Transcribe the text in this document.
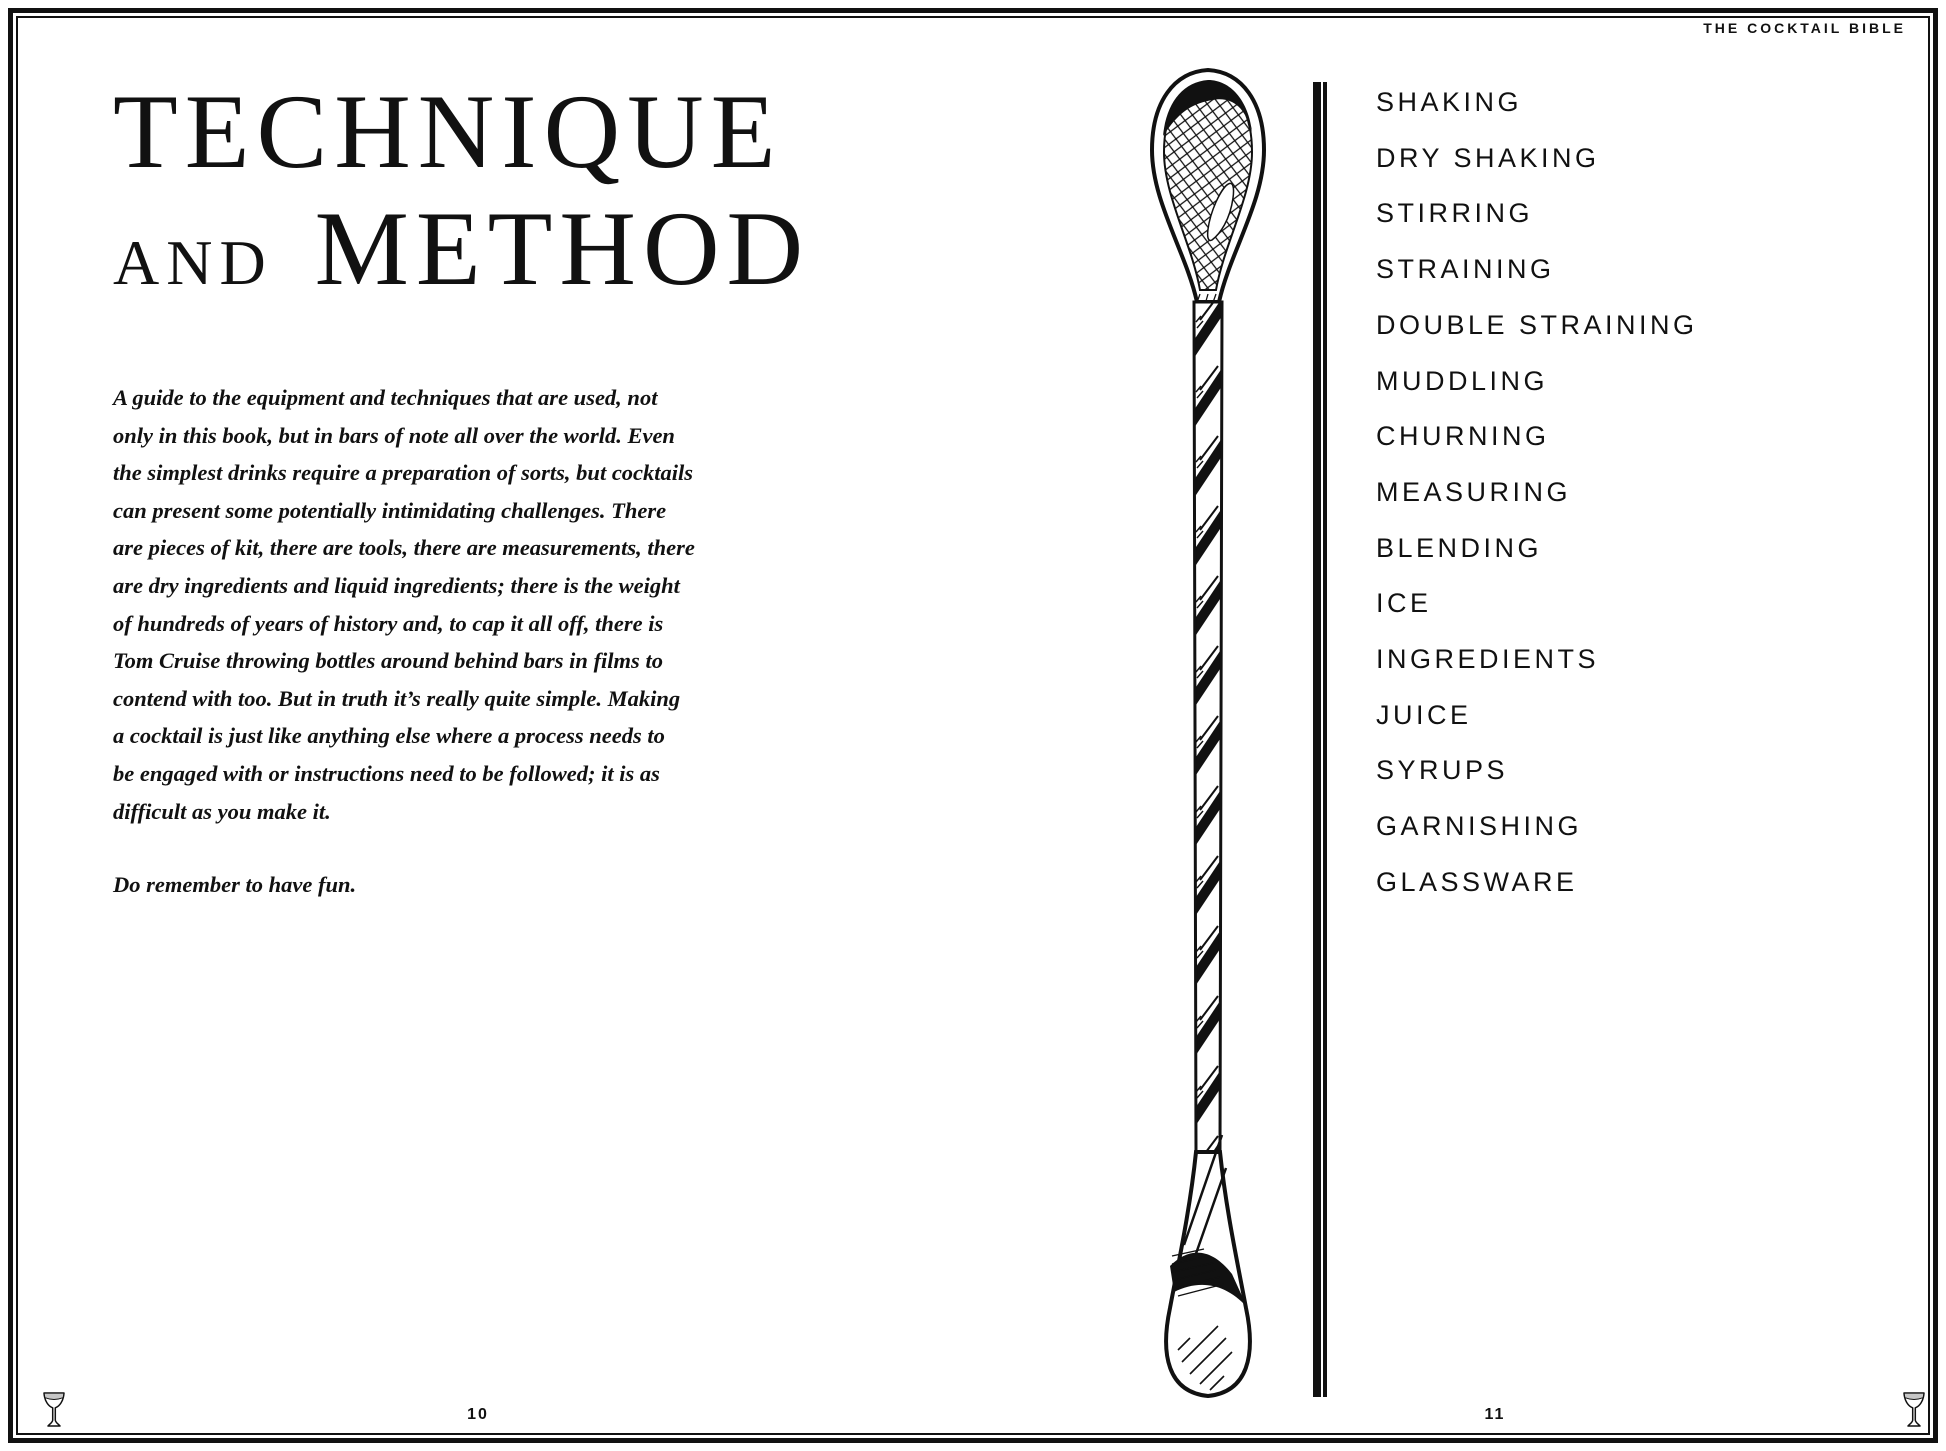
THE COCKTAIL BIBLE
TECHNIQUE
AND METHOD
A guide to the equipment and techniques that are used, not
only in this book, but in bars of note all over the world. Even
the simplest drinks require a preparation of sorts, but cocktails
can present some potentially intimidating challenges. There
are pieces of kit, there are tools, there are measurements, there
are dry ingredients and liquid ingredients; there is the weight
of hundreds of years of history and, to cap it all off, there is
Tom Cruise throwing bottles around behind bars in films to
contend with too. But in truth it’s really quite simple. Making
a cocktail is just like anything else where a process needs to
be engaged with or instructions need to be followed; it is as
difficult as you make it.
Do remember to have fun.
SHAKING
DRY SHAKING
STIRRING
STRAINING
DOUBLE STRAINING
MUDDLING
CHURNING
MEASURING
BLENDING
ICE
INGREDIENTS
JUICE
SYRUPS
GARNISHING
GLASSWARE
10	11
